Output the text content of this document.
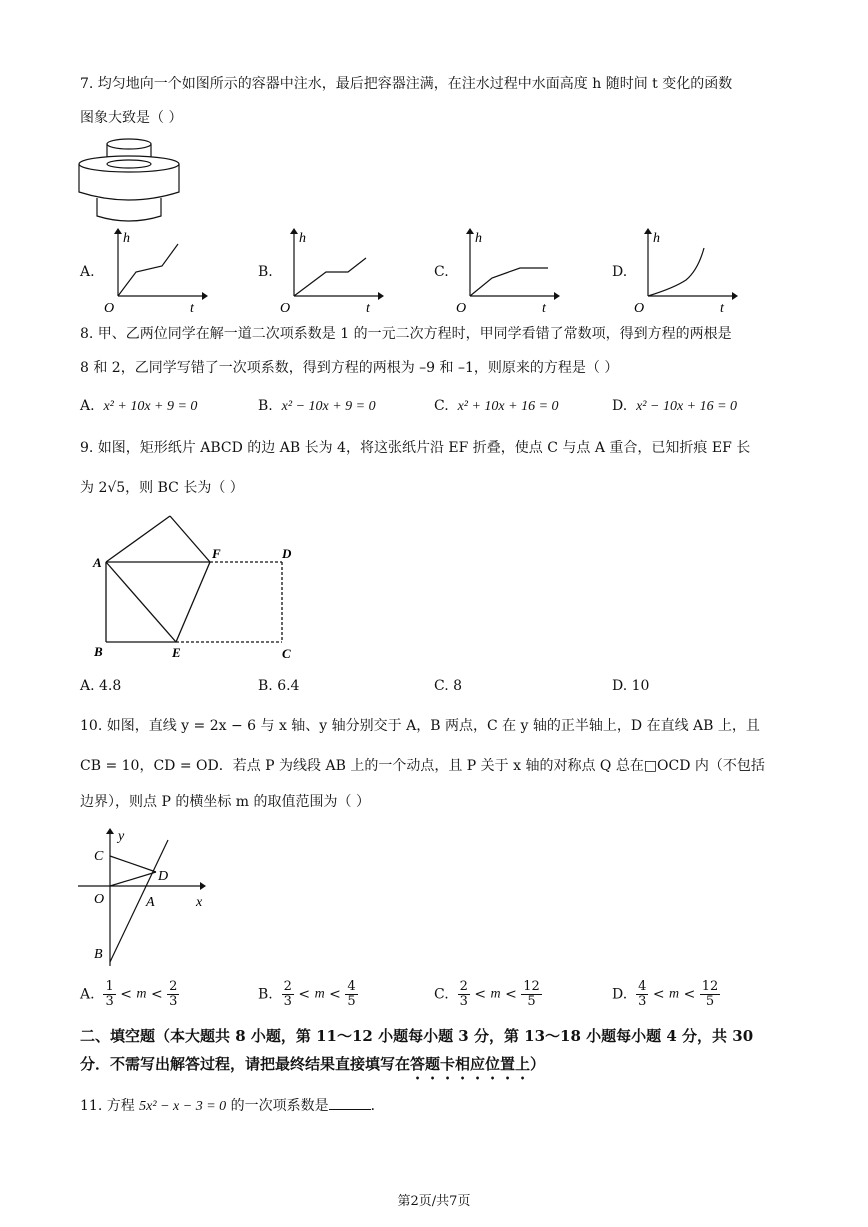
7. 均匀地向一个如图所示的容器中注水，最后把容器注满，在注水过程中水面高度 h 随时间 t 变化的函数
图象大致是（ ）
A.
h
O	t
B.
h
O	t
C.
h
O	t
D.
h
O	t
8. 甲、乙两位同学在解一道二次项系数是 1 的一元二次方程时，甲同学看错了常数项，得到方程的两根是
8 和 2，乙同学写错了一次项系数，得到方程的两根为 –9 和 –1，则原来的方程是（ ）
A. x² + 10x + 9 = 0	B. x² − 10x + 9 = 0	C. x² + 10x + 16 = 0	D. x² − 10x + 16 = 0
9. 如图，矩形纸片 ABCD 的边 AB 长为 4，将这张纸片沿 EF 折叠，使点 C 与点 A 重合，已知折痕 EF 长
为 2√5，则 BC 长为（ ）
A
F	D
B	E	C
A. 4.8	B. 6.4	C. 8	D. 10
10. 如图，直线 y = 2x − 6 与 x 轴、y 轴分别交于 A，B 两点，C 在 y 轴的正半轴上，D 在直线 AB 上，且
CB = 10，CD = OD．若点 P 为线段 AB 上的一个动点，且 P 关于 x 轴的对称点 Q 总在□OCD 内（不包括
边界），则点 P 的横坐标 m 的取值范围为（ ）
y
C
D
O	A	x
B
A. $\frac{1}{3} < m < \frac{2}{3}$	B. $\frac{2}{3} < m < \frac{4}{5}$	C. $\frac{2}{3} < m < \frac{12}{5}$	D. $\frac{4}{3} < m < \frac{12}{5}$
二、填空题（本大题共 8 小题，第 11～12 小题每小题 3 分，第 13～18 小题每小题 4 分，共 30
分．不需写出解答过程，请把最终结果直接填写在答题卡相应位置上）
11. 方程 5x² − x − 3 = 0 的一次项系数是	．
第2页/共7页
